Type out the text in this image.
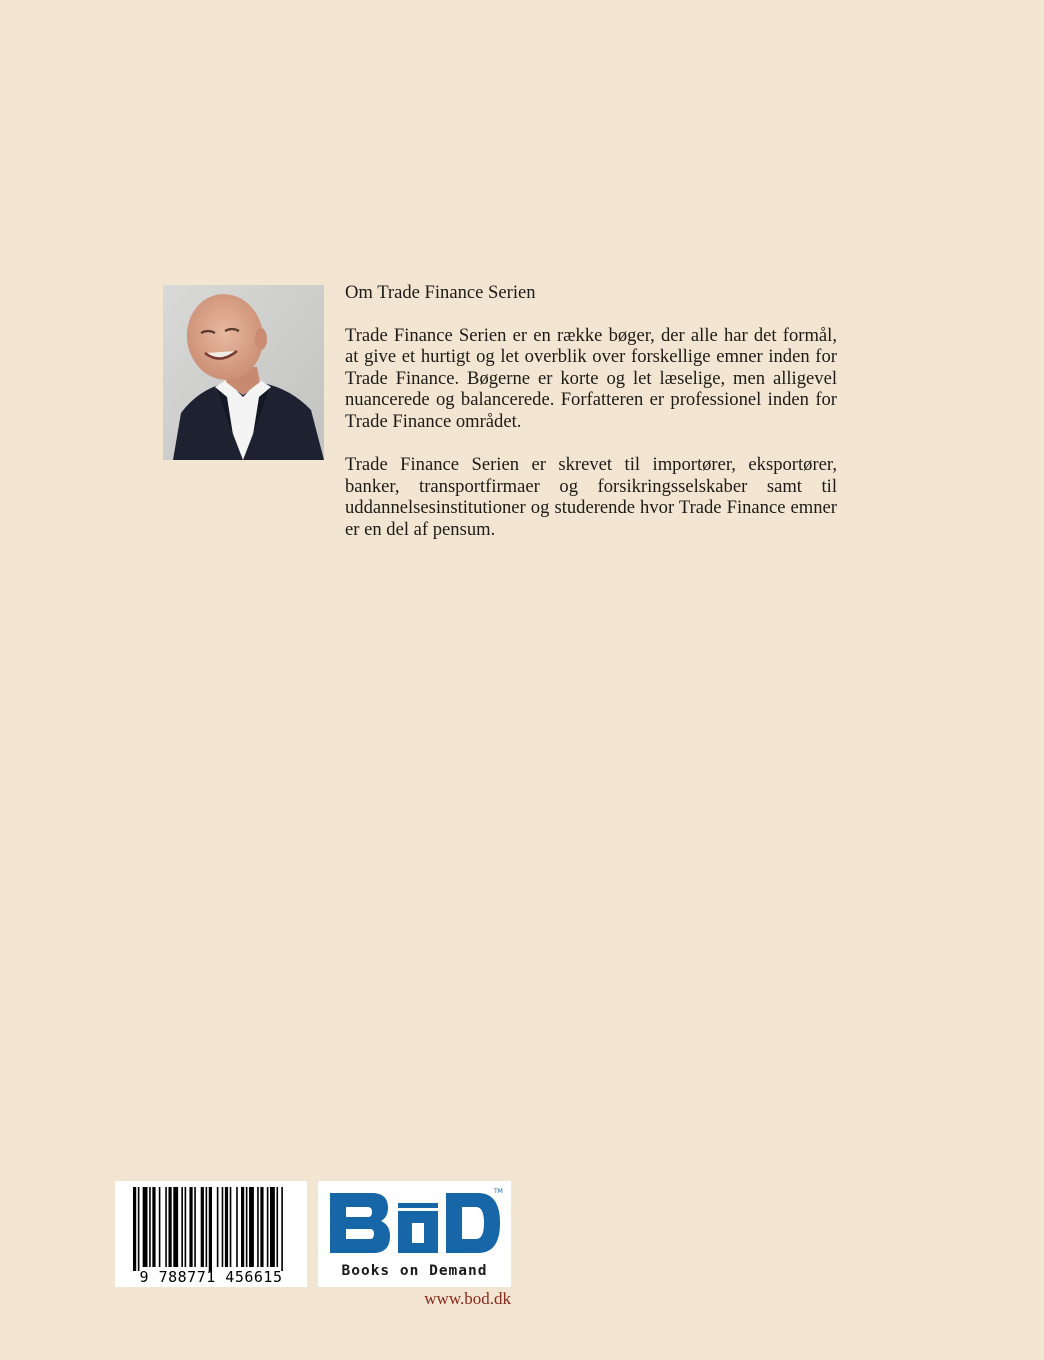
Om Trade Finance Serien

Trade Finance Serien er en række bøger, der alle har det formål, at give et hurtigt og let overblik over forskellige emner inden for Trade Finance. Bøgerne er korte og let læselige, men alligevel nuancerede og balancerede. Forfatteren er professionel inden for Trade Finance området.

Trade Finance Serien er skrevet til importører, eksportører, banker, transportfirmaer og forsikringsselskaber samt til uddannelsesinstitutioner og studerende hvor Trade Finance emner er en del af pensum.

9 788771 456615
TM
Books on Demand
www.bod.dk
